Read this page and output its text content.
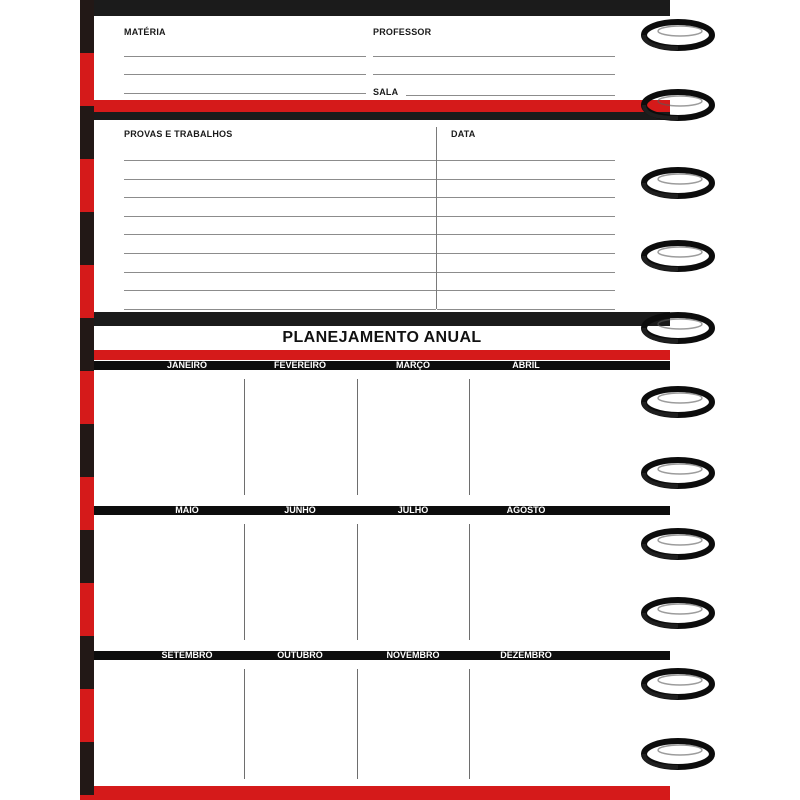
MATÉRIA	PROFESSOR
SALA
PROVAS E TRABALHOS	DATA
PLANEJAMENTO ANUAL
JANEIRO	FEVEREIRO	MARÇO	ABRIL
MAIO	JUNHO	JULHO	AGOSTO
SETEMBRO	OUTUBRO	NOVEMBRO	DEZEMBRO
